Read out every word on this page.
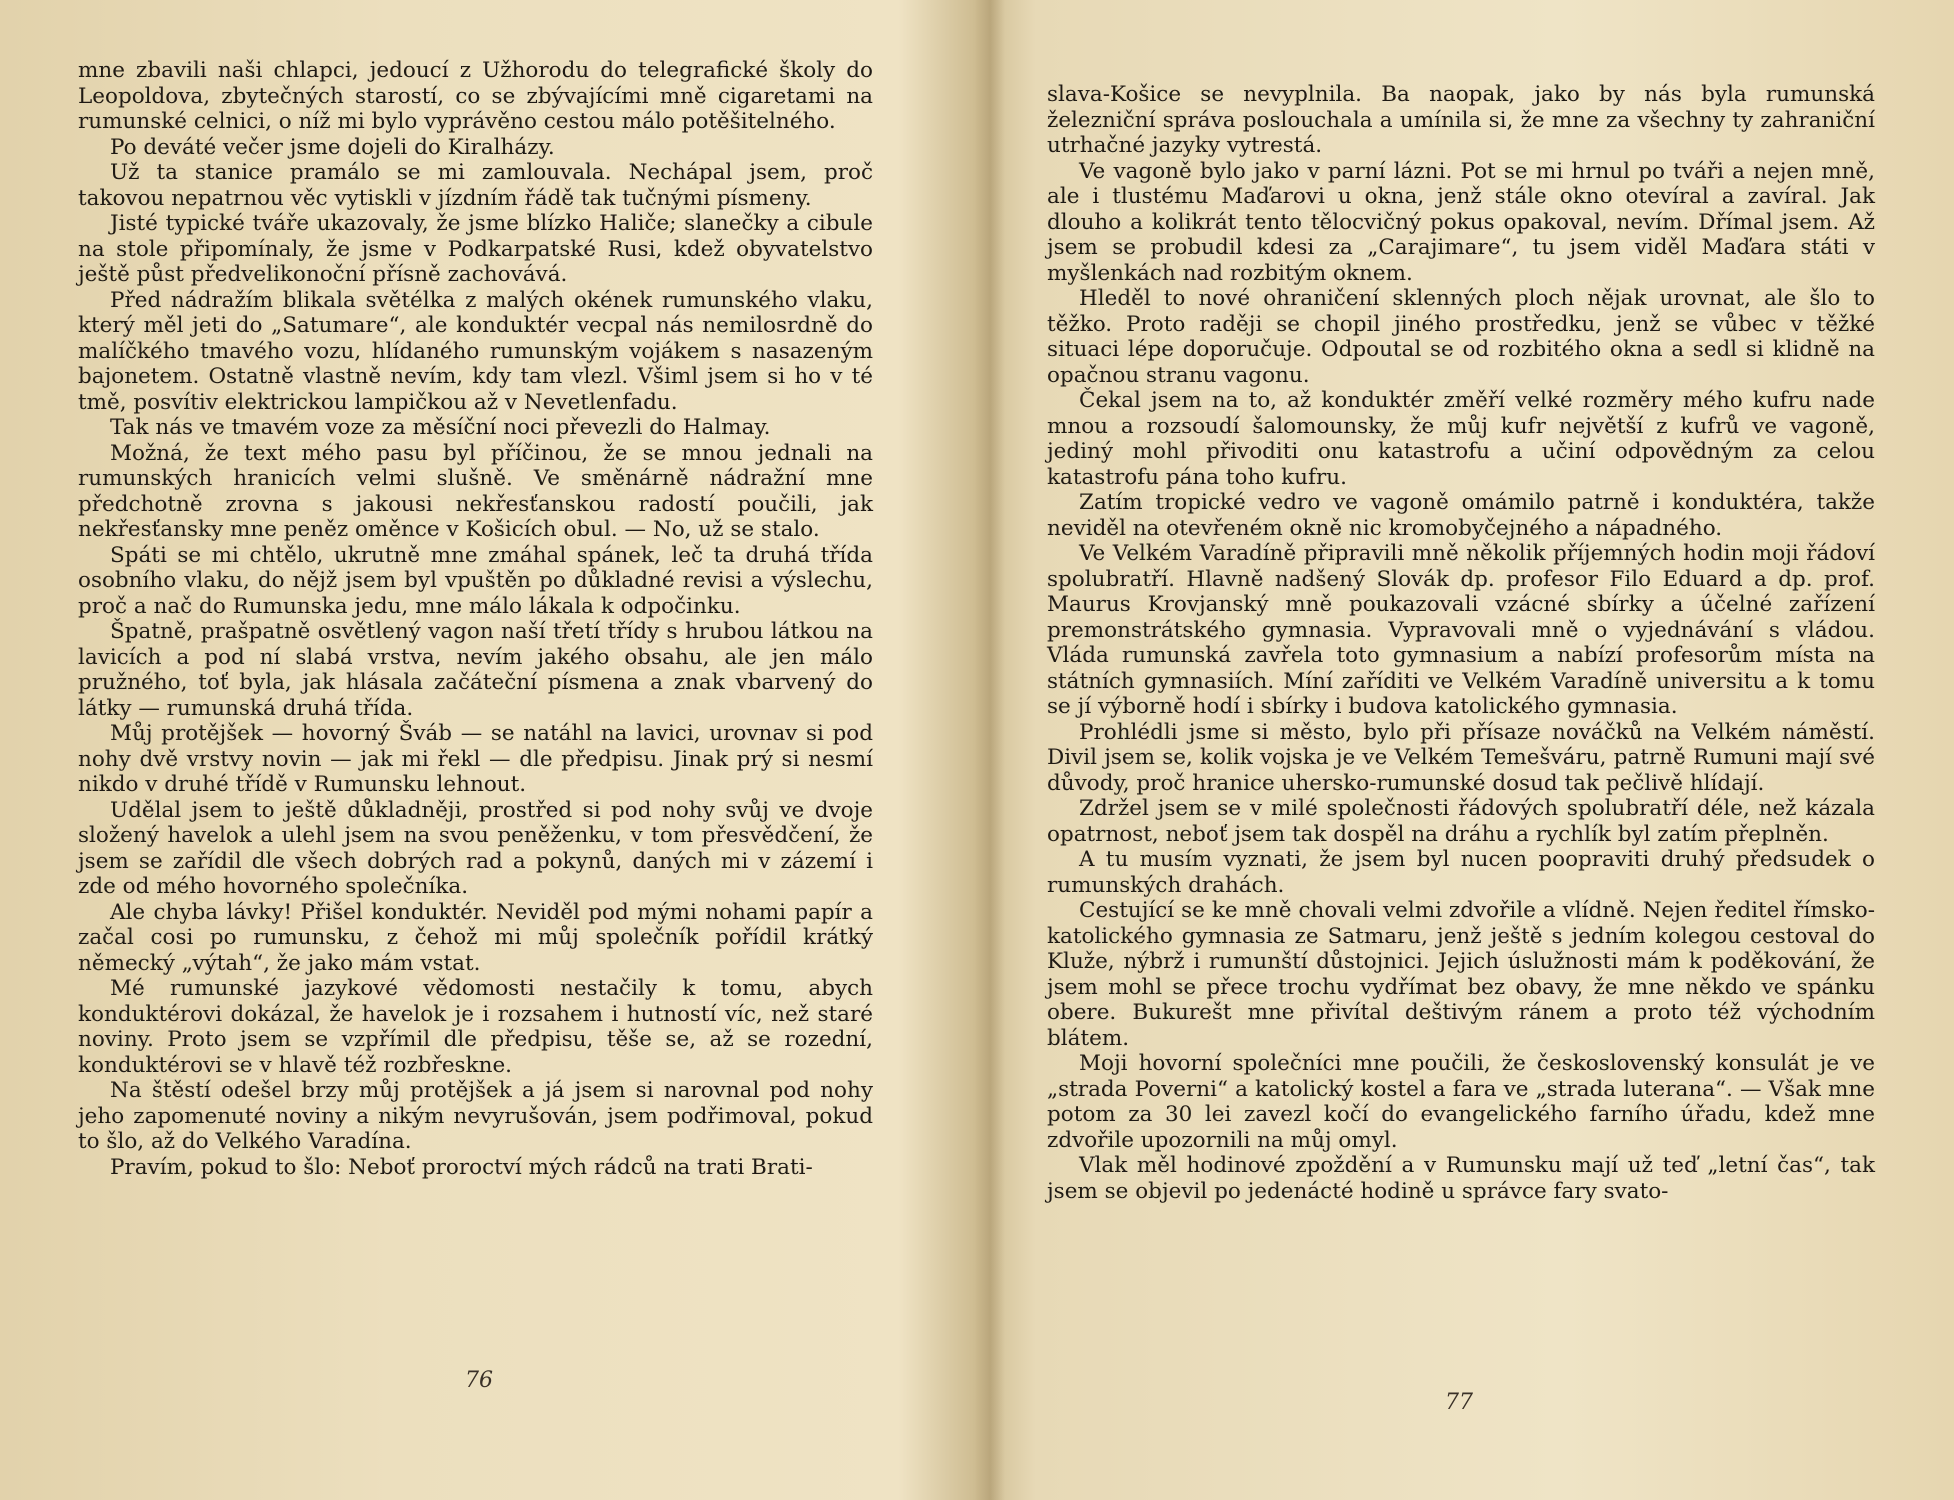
mne zbavili naši chlapci, jedoucí z Užhorodu do telegrafické školy do Leopoldova, zbytečných starostí, co se zbývajícími mně cigaretami na rumunské celnici, o níž mi bylo vyprávěno cestou málo potěšitelného.

Po deváté večer jsme dojeli do Kiralházy.

Už ta stanice pramálo se mi zamlouvala. Nechápal jsem, proč takovou nepatrnou věc vytiskli v jízdním řádě tak tučnými písmeny.

Jisté typické tváře ukazovaly, že jsme blízko Haliče; slanečky a cibule na stole připomínaly, že jsme v Podkarpatské Rusi, kdež obyvatelstvo ještě půst předvelikonoční přísně zachovává.

Před nádražím blikala světélka z malých okének rumunského vlaku, který měl jeti do „Satumare“, ale konduktér vecpal nás nemilosrdně do malíčkého tmavého vozu, hlídaného rumunským vojákem s nasazeným bajonetem. Ostatně vlastně nevím, kdy tam vlezl. Všiml jsem si ho v té tmě, posvítiv elektrickou lampičkou až v Nevetlenfadu.

Tak nás ve tmavém voze za měsíční noci převezli do Halmay.

Možná, že text mého pasu byl příčinou, že se mnou jednali na rumunských hranicích velmi slušně. Ve směnárně nádražní mne předchotně zrovna s jakousi nekřesťanskou radostí poučili, jak nekřesťansky mne peněz oměnce v Košicích obul. — No, už se stalo.

Spáti se mi chtělo, ukrutně mne zmáhal spánek, leč ta druhá třída osobního vlaku, do nějž jsem byl vpuštěn po důkladné revisi a výslechu, proč a nač do Rumunska jedu, mne málo lákala k odpočinku.

Špatně, prašpatně osvětlený vagon naší třetí třídy s hrubou látkou na lavicích a pod ní slabá vrstva, nevím jakého obsahu, ale jen málo pružného, toť byla, jak hlásala začáteční písmena a znak vbarvený do látky — rumunská druhá třída.

Můj protějšek — hovorný Šváb — se natáhl na lavici, urovnav si pod nohy dvě vrstvy novin — jak mi řekl — dle předpisu. Jinak prý si nesmí nikdo v druhé třídě v Rumunsku lehnout.

Udělal jsem to ještě důkladněji, prostřed si pod nohy svůj ve dvoje složený havelok a ulehl jsem na svou peněženku, v tom přesvědčení, že jsem se zařídil dle všech dobrých rad a pokynů, daných mi v zázemí i zde od mého hovorného společníka.

Ale chyba lávky! Přišel konduktér. Neviděl pod mými nohami papír a začal cosi po rumunsku, z čehož mi můj společník pořídil krátký německý „výtah“, že jako mám vstat.

Mé rumunské jazykové vědomosti nestačily k tomu, abych konduktérovi dokázal, že havelok je i rozsahem i hutností víc, než staré noviny. Proto jsem se vzpřímil dle předpisu, těše se, až se rozední, konduktérovi se v hlavě též rozbřeskne.

Na štěstí odešel brzy můj protějšek a já jsem si narovnal pod nohy jeho zapomenuté noviny a nikým nevyrušován, jsem podřimoval, pokud to šlo, až do Velkého Varadína.

Pravím, pokud to šlo: Neboť proroctví mých rádců na trati Brati-

76

slava-Košice se nevyplnila. Ba naopak, jako by nás byla rumunská železniční správa poslouchala a umínila si, že mne za všechny ty zahraniční utrhačné jazyky vytrestá.

Ve vagoně bylo jako v parní lázni. Pot se mi hrnul po tváři a nejen mně, ale i tlustému Maďarovi u okna, jenž stále okno otevíral a zavíral. Jak dlouho a kolikrát tento tělocvičný pokus opakoval, nevím. Dřímal jsem. Až jsem se probudil kdesi za „Carajimare“, tu jsem viděl Maďara státi v myšlenkách nad rozbitým oknem.

Hleděl to nové ohraničení sklenných ploch nějak urovnat, ale šlo to těžko. Proto raději se chopil jiného prostředku, jenž se vůbec v těžké situaci lépe doporučuje. Odpoutal se od rozbitého okna a sedl si klidně na opačnou stranu vagonu.

Čekal jsem na to, až konduktér změří velké rozměry mého kufru nade mnou a rozsoudí šalomounsky, že můj kufr největší z kufrů ve vagoně, jediný mohl přivoditi onu katastrofu a učiní odpovědným za celou katastrofu pána toho kufru.

Zatím tropické vedro ve vagoně omámilo patrně i konduktéra, takže neviděl na otevřeném okně nic kromobyčejného a nápadného.

Ve Velkém Varadíně připravili mně několik příjemných hodin moji řádoví spolubratří. Hlavně nadšený Slovák dp. profesor Filo Eduard a dp. prof. Maurus Krovjanský mně poukazovali vzácné sbírky a účelné zařízení premonstrátského gymnasia. Vypravovali mně o vyjednávání s vládou. Vláda rumunská zavřela toto gymnasium a nabízí profesorům místa na státních gymnasiích. Míní zaříditi ve Velkém Varadíně universitu a k tomu se jí výborně hodí i sbírky i budova katolického gymnasia.

Prohlédli jsme si město, bylo při přísaze nováčků na Velkém náměstí. Divil jsem se, kolik vojska je ve Velkém Temešváru, patrně Rumuni mají své důvody, proč hranice uhersko-rumunské dosud tak pečlivě hlídají.

Zdržel jsem se v milé společnosti řádových spolubratří déle, než kázala opatrnost, neboť jsem tak dospěl na dráhu a rychlík byl zatím přeplněn.

A tu musím vyznati, že jsem byl nucen poopraviti druhý předsudek o rumunských drahách.

Cestující se ke mně chovali velmi zdvořile a vlídně. Nejen ředitel římsko-katolického gymnasia ze Satmaru, jenž ještě s jedním kolegou cestoval do Kluže, nýbrž i rumunští důstojnici. Jejich úslužnosti mám k poděkování, že jsem mohl se přece trochu vydřímat bez obavy, že mne někdo ve spánku obere. Bukurešt mne přivítal deštivým ránem a proto též východním blátem.

Moji hovorní společníci mne poučili, že československý konsulát je ve „strada Poverni“ a katolický kostel a fara ve „strada luterana“. — Však mne potom za 30 lei zavezl kočí do evangelického farního úřadu, kdež mne zdvořile upozornili na můj omyl.

Vlak měl hodinové zpoždění a v Rumunsku mají už teď „letní čas“, tak jsem se objevil po jedenácté hodině u správce fary svato-

77
